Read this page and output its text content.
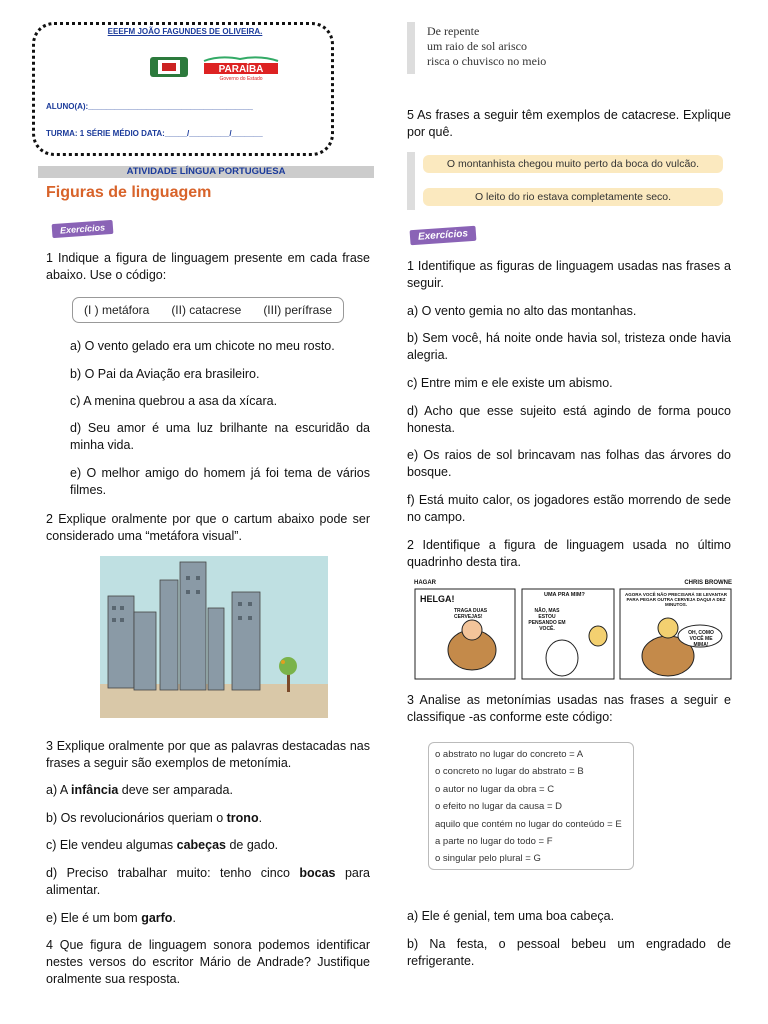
EEEFM JOÃO FAGUNDES DE OLIVEIRA.
PARAÍBA
Governo do Estado
ALUNO(A):_____________________________________
TURMA: 1 SÉRIE MÉDIO DATA:_____/_________/_______
ATIVIDADE LÍNGUA PORTUGUESA
Figuras de linguagem
Exercícios
1 Indique a figura de linguagem presente em cada frase abaixo. Use o código:
(I ) metáfora (II) catacrese (III) perífrase
a) O vento gelado era um chicote no meu rosto.
b) O Pai da Aviação era brasileiro.
c) A menina quebrou a asa da xícara.
d) Seu amor é uma luz brilhante na escuridão da minha vida.
e) O melhor amigo do homem já foi tema de vários filmes.
2 Explique oralmente por que o cartum abaixo pode ser considerado uma “metáfora visual”.
3 Explique oralmente por que as palavras destacadas nas frases a seguir são exemplos de metonímia.
a) A infância deve ser amparada.
b) Os revolucionários queriam o trono.
c) Ele vendeu algumas cabeças de gado.
d) Preciso trabalhar muito: tenho cinco bocas para alimentar.
e) Ele é um bom garfo.
4 Que figura de linguagem sonora podemos identificar nestes versos do escritor Mário de Andrade? Justifique oralmente sua resposta.
De repente
um raio de sol arisco
risca o chuvisco no meio
5 As frases a seguir têm exemplos de catacrese. Explique por quê.
O montanhista chegou muito perto da boca do vulcão.
O leito do rio estava completamente seco.
Exercícios
1 Identifique as figuras de linguagem usadas nas frases a seguir.
a) O vento gemia no alto das montanhas.
b) Sem você, há noite onde havia sol, tristeza onde havia alegria.
c) Entre mim e ele existe um abismo.
d) Acho que esse sujeito está agindo de forma pouco honesta.
e) Os raios de sol brincavam nas folhas das árvores do bosque.
f) Está muito calor, os jogadores estão morrendo de sede no campo.
2 Identifique a figura de linguagem usada no último quadrinho desta tira.
HAGAR	CHRIS BROWNE
HELGA!
TRAGA DUAS CERVEJAS!
UMA PRA MIM?
NÃO, MAS ESTOU PENSANDO EM VOCÊ.
AGORA VOCÊ NÃO PRECISARÁ SE LEVANTAR PARA PEGAR OUTRA CERVEJA DAQUI A DEZ MINUTOS.
OH, COMO VOCÊ ME MIMA!
3 Analise as metonímias usadas nas frases a seguir e classifique -as conforme este código:
o abstrato no lugar do concreto = A
o concreto no lugar do abstrato = B
o autor no lugar da obra = C
o efeito no lugar da causa = D
aquilo que contém no lugar do conteúdo = E
a parte no lugar do todo = F
o singular pelo plural = G
a) Ele é genial, tem uma boa cabeça.
b) Na festa, o pessoal bebeu um engradado de refrigerante.
